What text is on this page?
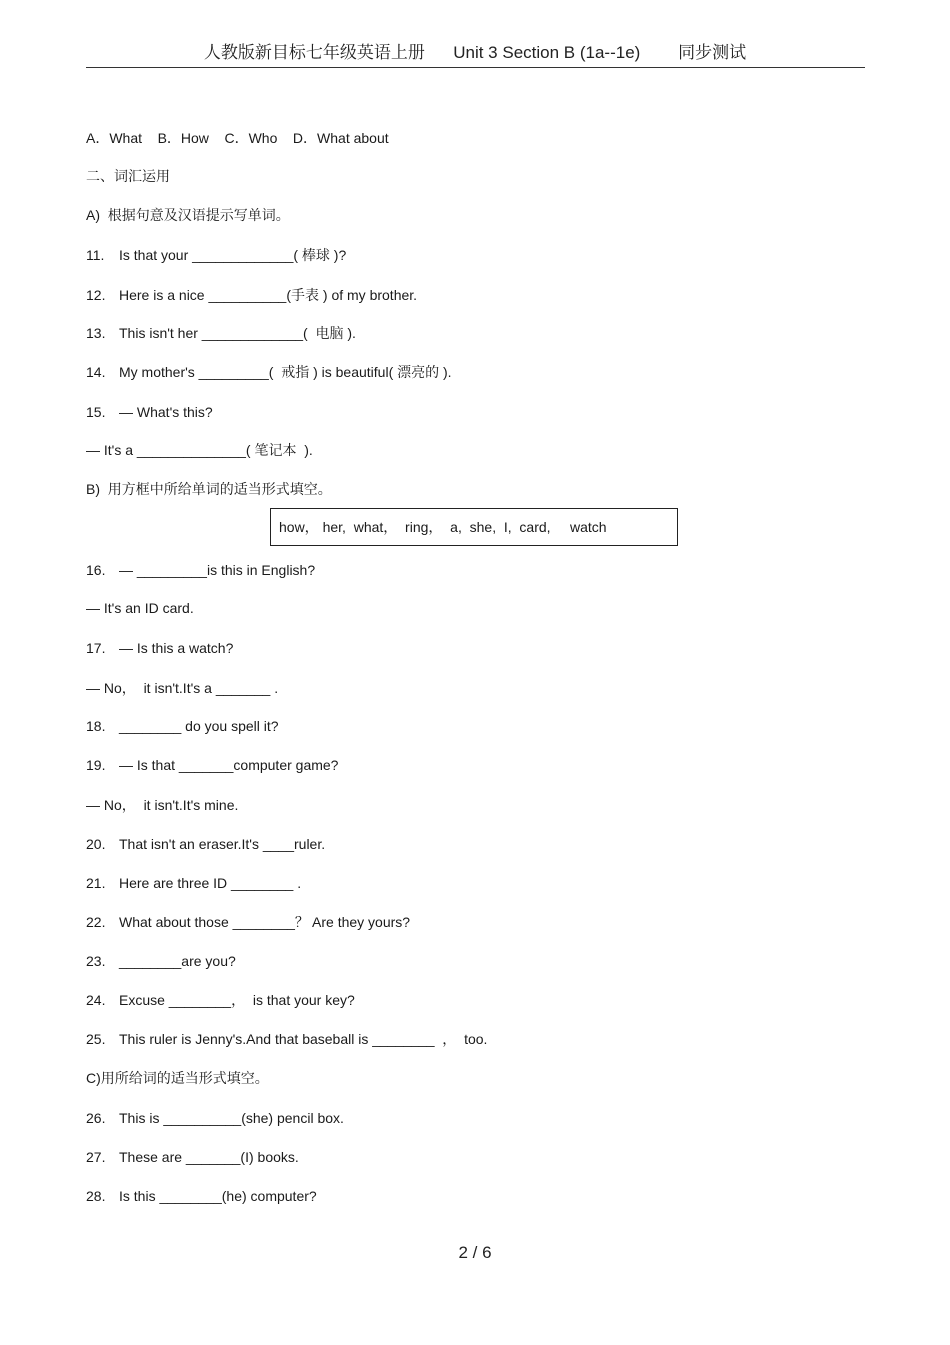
人教版新目标七年级英语上册      Unit 3 Section B (1a--1e)        同步测试
A．What    B．How    C．Who    D．What about
二、词汇运用
A)  根据句意及汉语提示写单词。
11. Is that your _____________( 棒球 )?
12. Here is a nice __________(手表 ) of my brother.
13. This isn't her _____________(  电脑 ).
14. My mother's _________(  戒指 ) is beautiful( 漂亮的 ).
15. — What's this?
— It's a ______________( 笔记本  ).
B)  用方框中所给单词的适当形式填空。
how， her,  what，  ring，  a,  she,  I,  card,     watch
16. — _________is this in English?
— It's an ID card.
17. — Is this a watch?
— No，  it isn't.It's a _______ .
18. ________ do you spell it?
19. — Is that _______computer game?
— No，  it isn't.It's mine.
20. That isn't an eraser.It's ____ruler.
21. Here are three ID ________ .
22. What about those ________？ Are they yours?
23. ________are you?
24. Excuse ________，  is that your key?
25. This ruler is Jenny's.And that baseball is ________  ，  too.
C)用所给词的适当形式填空。
26. This is __________(she) pencil box.
27. These are _______(I) books.
28. Is this ________(he) computer?
2 / 6
